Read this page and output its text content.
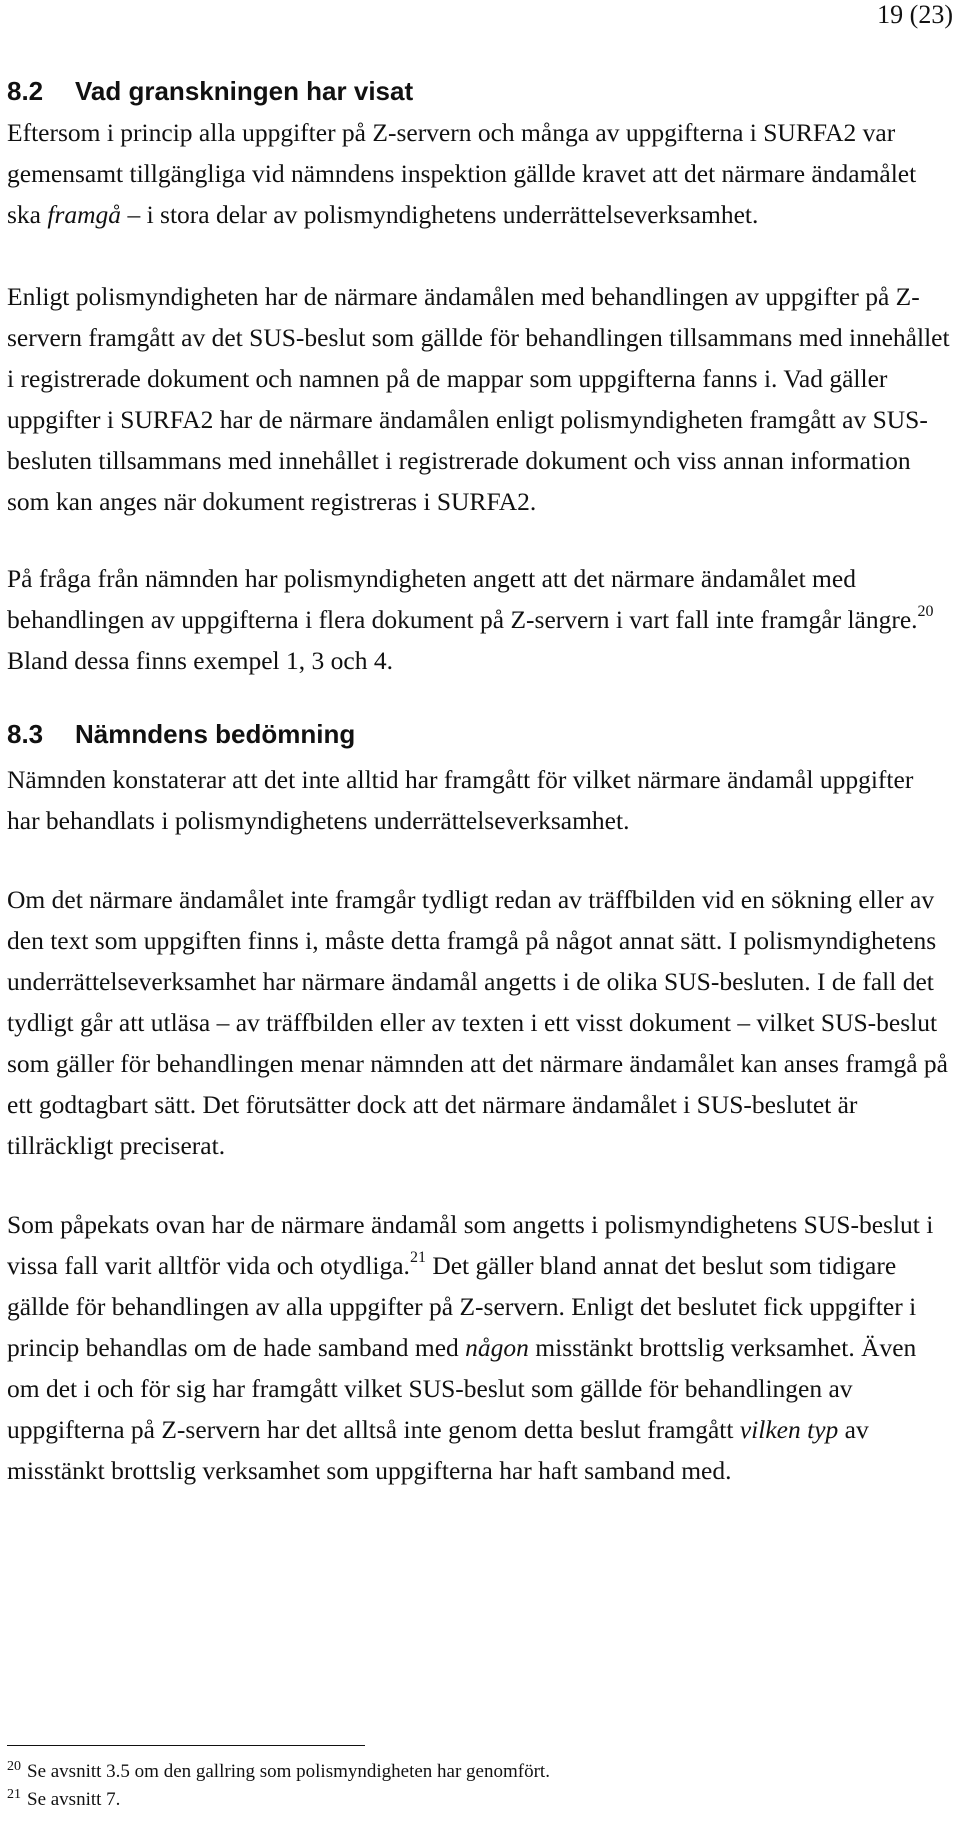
19 (23)
8.2 Vad granskningen har visat

Eftersom i princip alla uppgifter på Z-servern och många av uppgifterna i SURFA2 var gemensamt tillgängliga vid nämndens inspektion gällde kravet att det närmare ändamålet ska framgå – i stora delar av polismyndighetens underrättelseverksamhet.

Enligt polismyndigheten har de närmare ändamålen med behandlingen av uppgifter på Z-servern framgått av det SUS-beslut som gällde för behandlingen tillsammans med innehållet i registrerade dokument och namnen på de mappar som uppgifterna fanns i. Vad gäller uppgifter i SURFA2 har de närmare ändamålen enligt polismyndigheten framgått av SUS-besluten tillsammans med innehållet i registrerade dokument och viss annan information som kan anges när dokument registreras i SURFA2.

På fråga från nämnden har polismyndigheten angett att det närmare ändamålet med behandlingen av uppgifterna i flera dokument på Z-servern i vart fall inte framgår längre.$^{20}$ Bland dessa finns exempel 1, 3 och 4.

8.3 Nämndens bedömning

Nämnden konstaterar att det inte alltid har framgått för vilket närmare ändamål uppgifter har behandlats i polismyndighetens underrättelseverksamhet.

Om det närmare ändamålet inte framgår tydligt redan av träffbilden vid en sökning eller av den text som uppgiften finns i, måste detta framgå på något annat sätt. I polismyndighetens underrättelseverksamhet har närmare ändamål angetts i de olika SUS-besluten. I de fall det tydligt går att utläsa – av träffbilden eller av texten i ett visst dokument – vilket SUS-beslut som gäller för behandlingen menar nämnden att det närmare ändamålet kan anses framgå på ett godtagbart sätt. Det förutsätter dock att det närmare ändamålet i SUS-beslutet är tillräckligt preciserat.

Som påpekats ovan har de närmare ändamål som angetts i polismyndighetens SUS-beslut i vissa fall varit alltför vida och otydliga.$^{21}$ Det gäller bland annat det beslut som tidigare gällde för behandlingen av alla uppgifter på Z-servern. Enligt det beslutet fick uppgifter i princip behandlas om de hade samband med någon misstänkt brottslig verksamhet. Även om det i och för sig har framgått vilket SUS-beslut som gällde för behandlingen av uppgifterna på Z-servern har det alltså inte genom detta beslut framgått vilken typ av misstänkt brottslig verksamhet som uppgifterna har haft samband med.

$^{20}$ Se avsnitt 3.5 om den gallring som polismyndigheten har genomfört.
$^{21}$ Se avsnitt 7.
